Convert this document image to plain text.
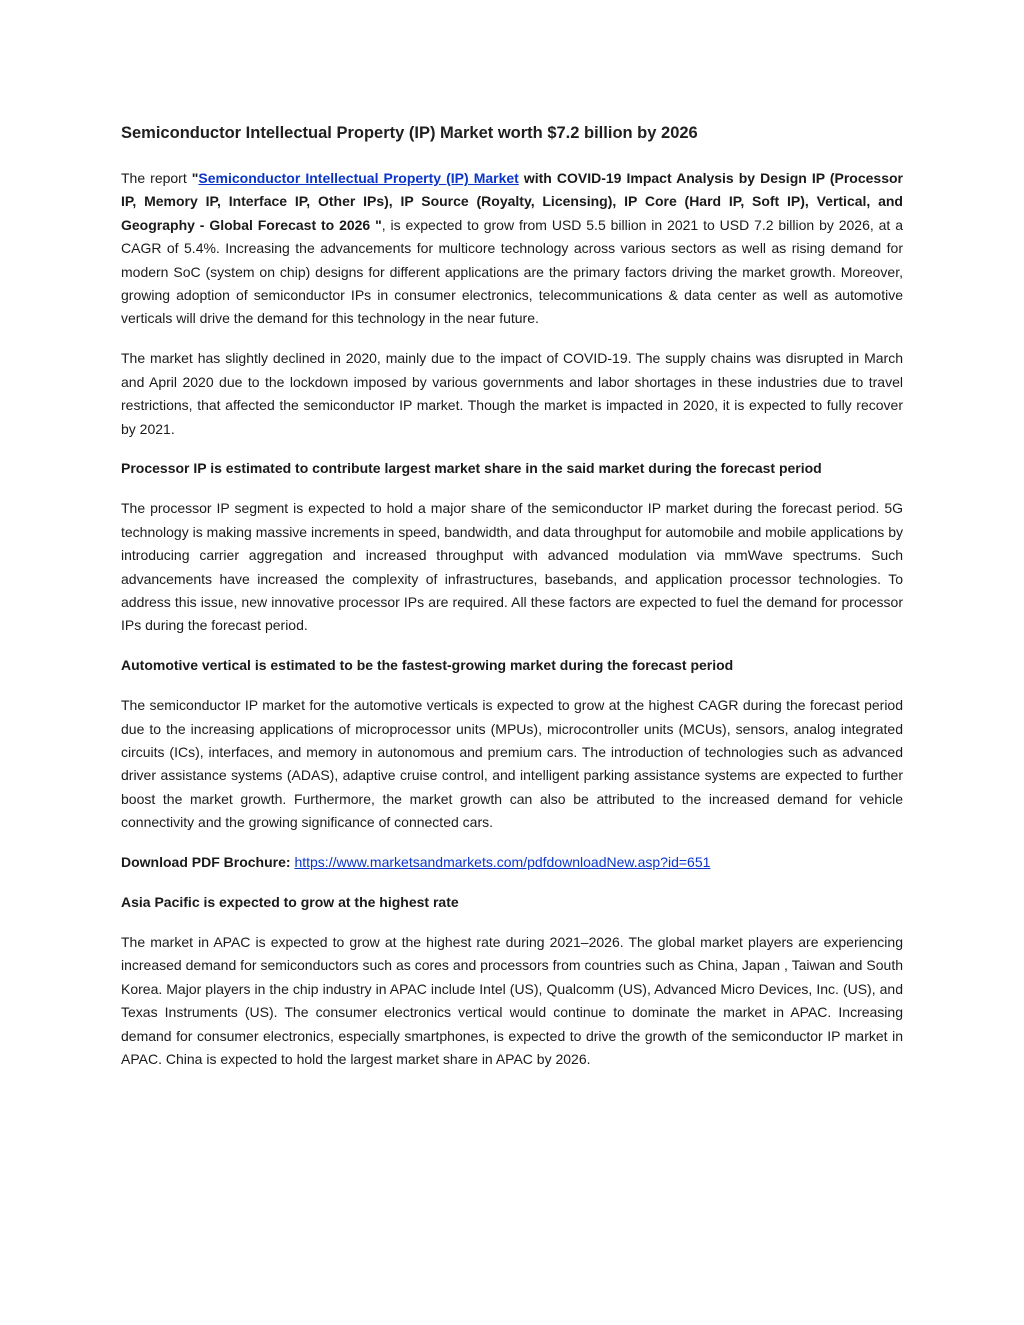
Semiconductor Intellectual Property (IP) Market worth $7.2 billion by 2026

The report "Semiconductor Intellectual Property (IP) Market with COVID-19 Impact Analysis by Design IP (Processor IP, Memory IP, Interface IP, Other IPs), IP Source (Royalty, Licensing), IP Core (Hard IP, Soft IP), Vertical, and Geography - Global Forecast to 2026 ", is expected to grow from USD 5.5 billion in 2021 to USD 7.2 billion by 2026, at a CAGR of 5.4%. Increasing the advancements for multicore technology across various sectors as well as rising demand for modern SoC (system on chip) designs for different applications are the primary factors driving the market growth. Moreover, growing adoption of semiconductor IPs in consumer electronics, telecommunications & data center as well as automotive verticals will drive the demand for this technology in the near future.

The market has slightly declined in 2020, mainly due to the impact of COVID-19. The supply chains was disrupted in March and April 2020 due to the lockdown imposed by various governments and labor shortages in these industries due to travel restrictions, that affected the semiconductor IP market. Though the market is impacted in 2020, it is expected to fully recover by 2021.

Processor IP is estimated to contribute largest market share in the said market during the forecast period

The processor IP segment is expected to hold a major share of the semiconductor IP market during the forecast period. 5G technology is making massive increments in speed, bandwidth, and data throughput for automobile and mobile applications by introducing carrier aggregation and increased throughput with advanced modulation via mmWave spectrums. Such advancements have increased the complexity of infrastructures, basebands, and application processor technologies. To address this issue, new innovative processor IPs are required. All these factors are expected to fuel the demand for processor IPs during the forecast period.

Automotive vertical is estimated to be the fastest-growing market during the forecast period

The semiconductor IP market for the automotive verticals is expected to grow at the highest CAGR during the forecast period due to the increasing applications of microprocessor units (MPUs), microcontroller units (MCUs), sensors, analog integrated circuits (ICs), interfaces, and memory in autonomous and premium cars. The introduction of technologies such as advanced driver assistance systems (ADAS), adaptive cruise control, and intelligent parking assistance systems are expected to further boost the market growth. Furthermore, the market growth can also be attributed to the increased demand for vehicle connectivity and the growing significance of connected cars.

Download PDF Brochure: https://www.marketsandmarkets.com/pdfdownloadNew.asp?id=651

Asia Pacific is expected to grow at the highest rate

The market in APAC is expected to grow at the highest rate during 2021–2026. The global market players are experiencing increased demand for semiconductors such as cores and processors from countries such as China, Japan , Taiwan and South Korea. Major players in the chip industry in APAC include Intel (US), Qualcomm (US), Advanced Micro Devices, Inc. (US), and Texas Instruments (US). The consumer electronics vertical would continue to dominate the market in APAC. Increasing demand for consumer electronics, especially smartphones, is expected to drive the growth of the semiconductor IP market in APAC. China is expected to hold the largest market share in APAC by 2026.
